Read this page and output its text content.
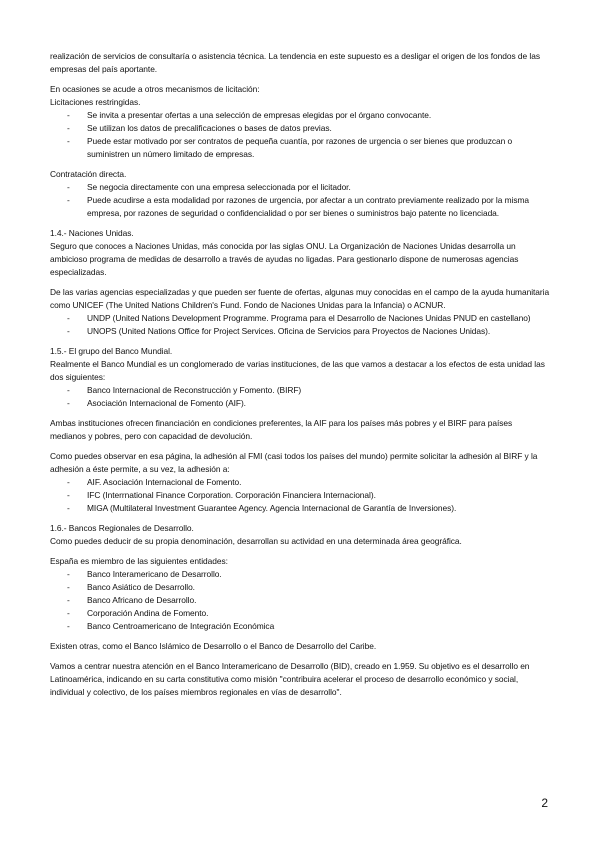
realización de servicios de consultaría o asistencia técnica. La tendencia en este supuesto es a desligar el origen de los fondos de las empresas del país aportante.

En ocasiones se acude a otros mecanismos de licitación:

Licitaciones restringidas.

- Se invita a presentar ofertas a una selección de empresas elegidas por el órgano convocante.
- Se utilizan los datos de precalificaciones o bases de datos previas.
- Puede estar motivado por ser contratos de pequeña cuantía, por razones de urgencia o ser bienes que produzcan o suministren un número limitado de empresas.

Contratación directa.

- Se negocia directamente con una empresa seleccionada por el licitador.
- Puede acudirse a esta modalidad por razones de urgencia, por afectar a un contrato previamente realizado por la misma empresa, por razones de seguridad o confidencialidad o por ser bienes o suministros bajo patente no licenciada.

1.4.- Naciones Unidas.

Seguro que conoces a Naciones Unidas, más conocida por las siglas ONU. La Organización de Naciones Unidas desarrolla un ambicioso programa de medidas de desarrollo a través de ayudas no ligadas. Para gestionarlo dispone de numerosas agencias especializadas.

De las varias agencias especializadas y que pueden ser fuente de ofertas, algunas muy conocidas en el campo de la ayuda humanitaria como UNICEF (The United Nations Children's Fund. Fondo de Naciones Unidas para la Infancia) o ACNUR.

- UNDP (United Nations Development Programme. Programa para el Desarrollo de Naciones Unidas PNUD en castellano)
- UNOPS (United Nations Office for Project Services. Oficina de Servicios para Proyectos de Naciones Unidas).

1.5.- El grupo del Banco Mundial.

Realmente el Banco Mundial es un conglomerado de varias instituciones, de las que vamos a destacar a los efectos de esta unidad las dos siguientes:

- Banco Internacional de Reconstrucción y Fomento. (BIRF)
- Asociación Internacional de Fomento (AIF).

Ambas instituciones ofrecen financiación en condiciones preferentes, la AIF para los países más pobres y el BIRF para países medianos y pobres, pero con capacidad de devolución.

Como puedes observar en esa página, la adhesión al FMI (casi todos los países del mundo) permite solicitar la adhesión al BIRF y la adhesión a éste permite, a su vez, la adhesión a:

- AIF. Asociación Internacional de Fomento.
- IFC (Interrnational Finance Corporation. Corporación Financiera Internacional).
- MIGA (Multilateral Investment Guarantee Agency. Agencia Internacional de Garantía de Inversiones).

1.6.- Bancos Regionales de Desarrollo.

Como puedes deducir de su propia denominación, desarrollan su actividad en una determinada área geográfica.

España es miembro de las siguientes entidades:

- Banco Interamericano de Desarrollo.
- Banco Asiático de Desarrollo.
- Banco Africano de Desarrollo.
- Corporación Andina de Fomento.
- Banco Centroamericano de Integración Económica

Existen otras, como el Banco Islámico de Desarrollo o el Banco de Desarrollo del Caribe.

Vamos a centrar nuestra atención en el Banco Interamericano de Desarrollo (BID), creado en 1.959. Su objetivo es el desarrollo en Latinoamérica, indicando en su carta constitutiva como misión "contribuira acelerar el proceso de desarrollo económico y social, individual y colectivo, de los países miembros regionales en vías de desarrollo".

2
